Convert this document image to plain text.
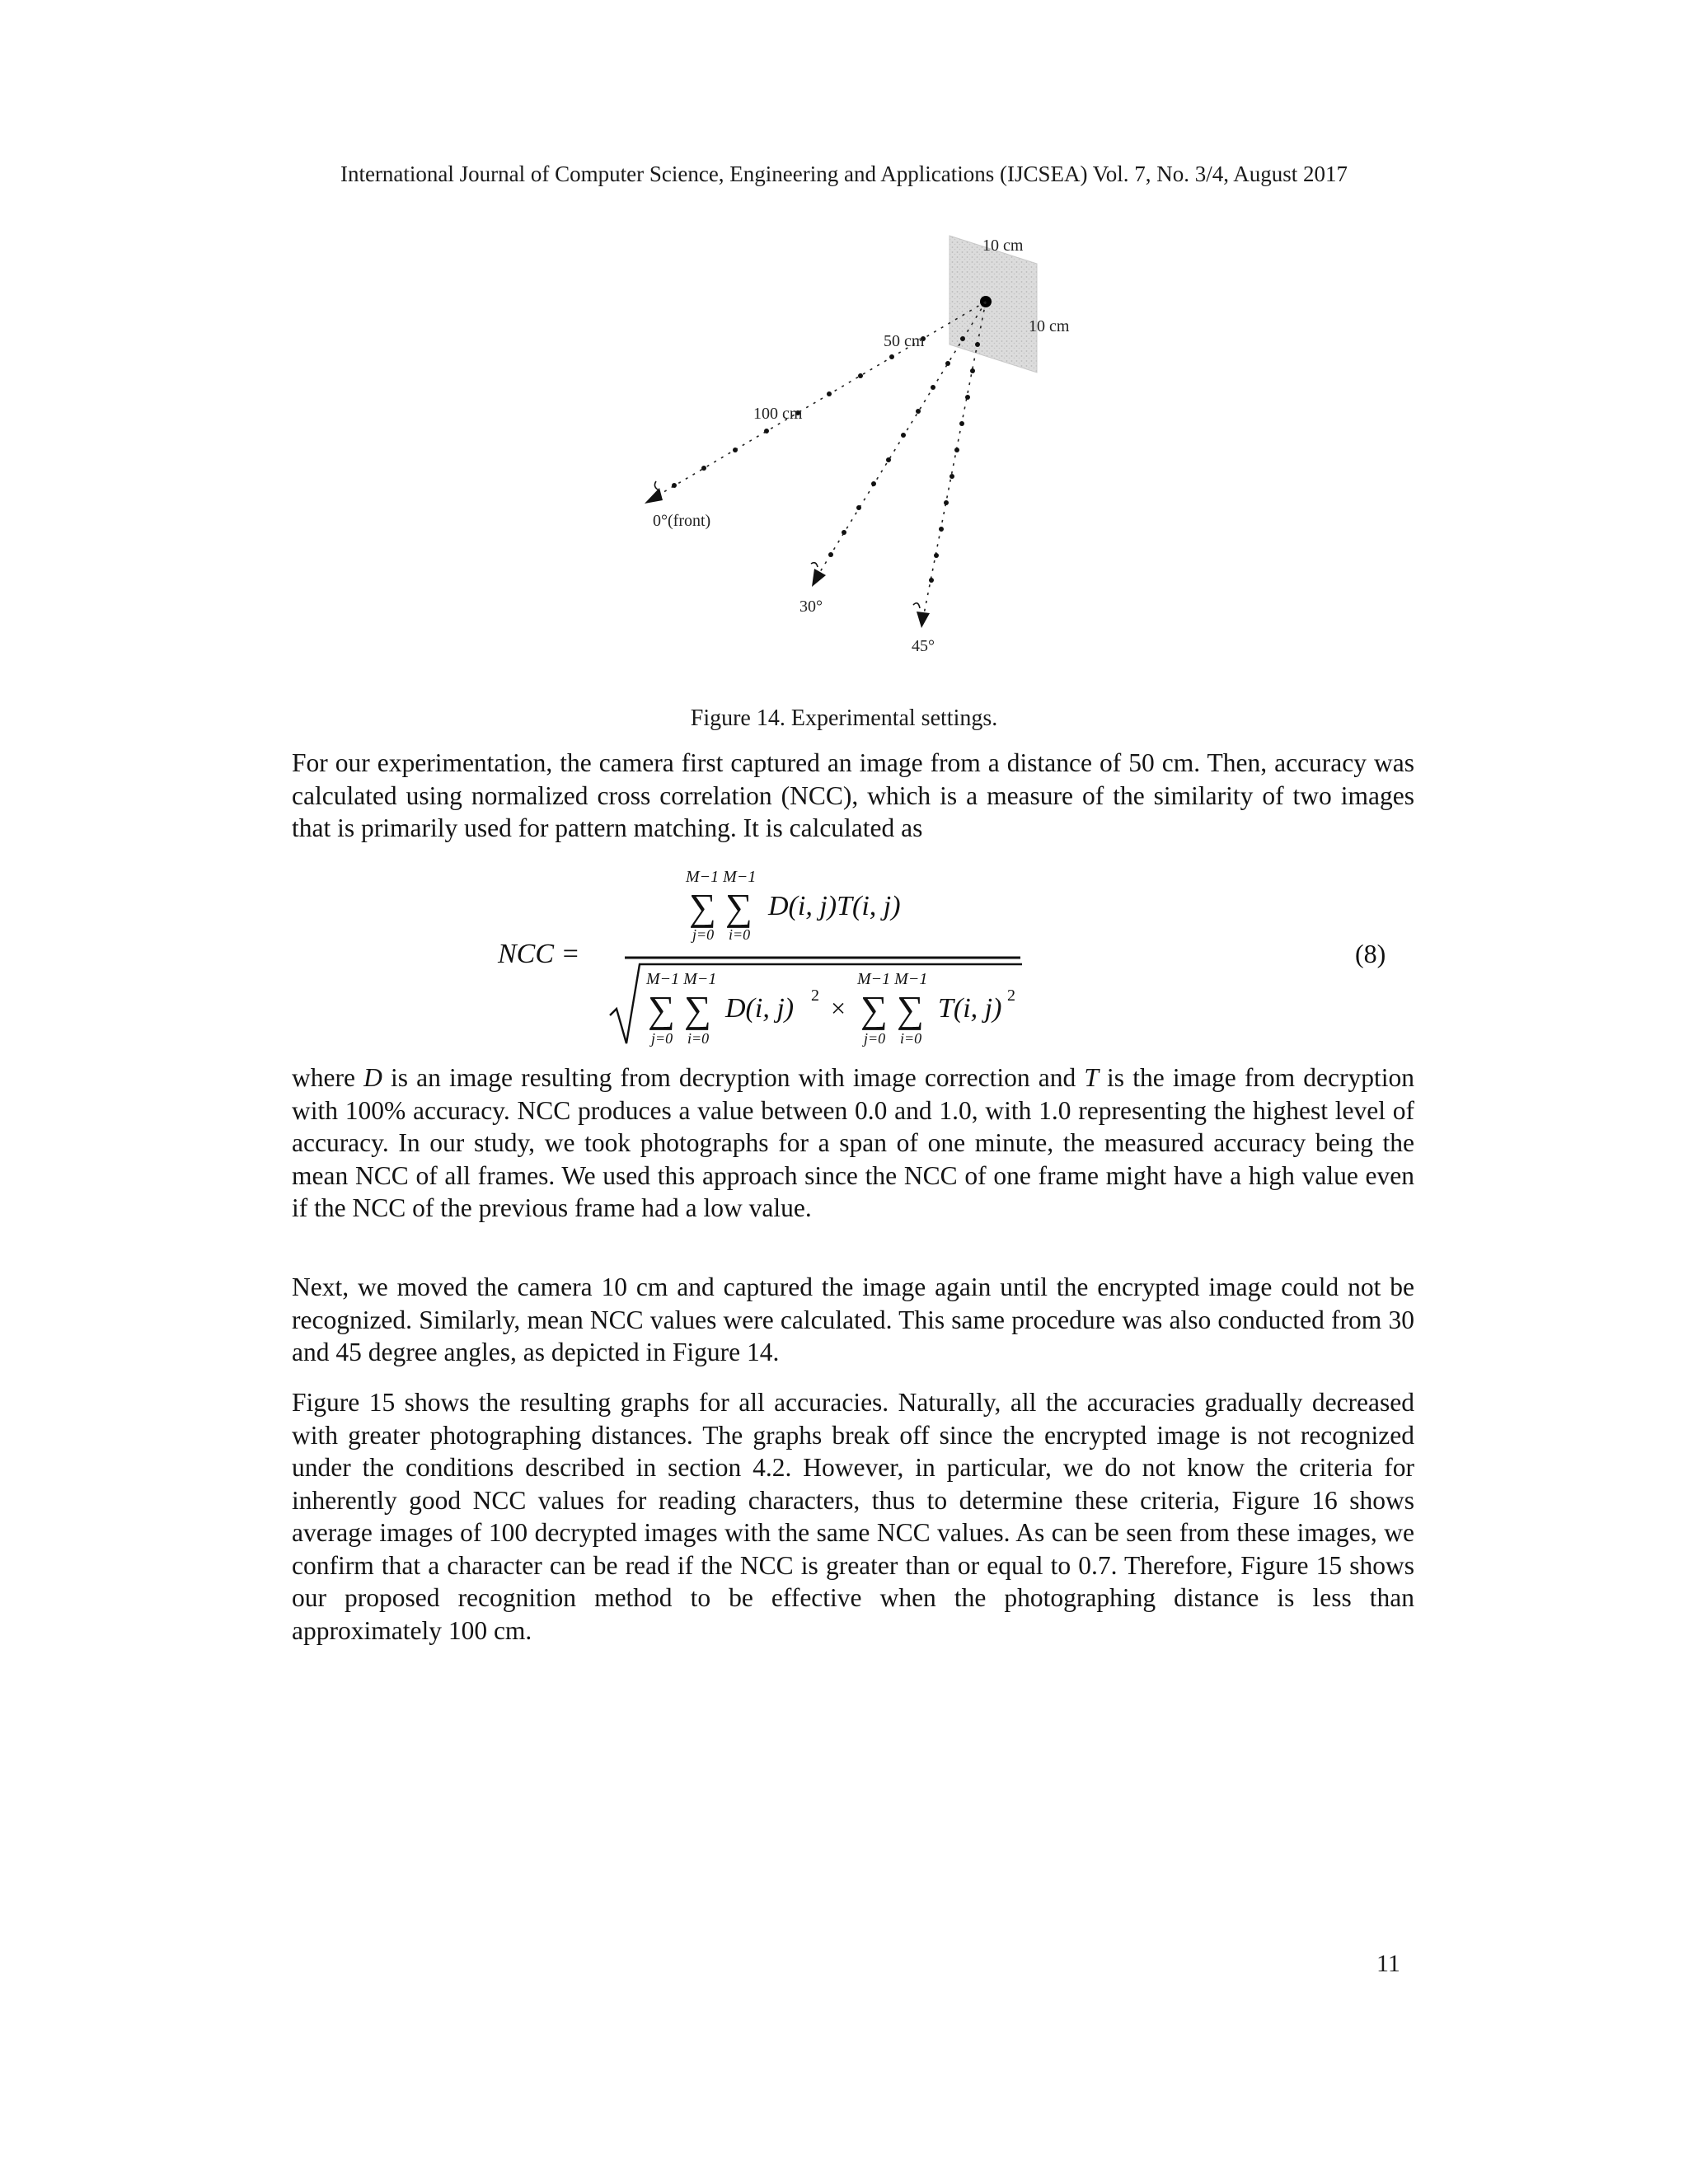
International Journal of Computer Science, Engineering and Applications (IJCSEA) Vol. 7, No. 3/4, August 2017
10 cm
10 cm
50 cm
100 cm
0°(front)
30°
45°
Figure 14. Experimental settings.
For our experimentation, the camera first captured an image from a distance of 50 cm. Then, accuracy was calculated using normalized cross correlation (NCC), which is a measure of the similarity of two images that is primarily used for pattern matching. It is calculated as
NCC =
M−1 M−1
∑ ∑
j=0 i=0
D(i, j)T(i, j)
M−1 M−1
∑ ∑
j=0 i=0
D(i, j) 2 ×
M−1 M−1
∑ ∑
j=0 i=0
T(i, j) 2
(8)
where D is an image resulting from decryption with image correction and T is the image from decryption with 100% accuracy. NCC produces a value between 0.0 and 1.0, with 1.0 representing the highest level of accuracy. In our study, we took photographs for a span of one minute, the measured accuracy being the mean NCC of all frames. We used this approach since the NCC of one frame might have a high value even if the NCC of the previous frame had a low value.
Next, we moved the camera 10 cm and captured the image again until the encrypted image could not be recognized. Similarly, mean NCC values were calculated. This same procedure was also conducted from 30 and 45 degree angles, as depicted in Figure 14.
Figure 15 shows the resulting graphs for all accuracies. Naturally, all the accuracies gradually decreased with greater photographing distances. The graphs break off since the encrypted image is not recognized under the conditions described in section 4.2. However, in particular, we do not know the criteria for inherently good NCC values for reading characters, thus to determine these criteria, Figure 16 shows average images of 100 decrypted images with the same NCC values. As can be seen from these images, we confirm that a character can be read if the NCC is greater than or equal to 0.7. Therefore, Figure 15 shows our proposed recognition method to be effective when the photographing distance is less than approximately 100 cm.
11
